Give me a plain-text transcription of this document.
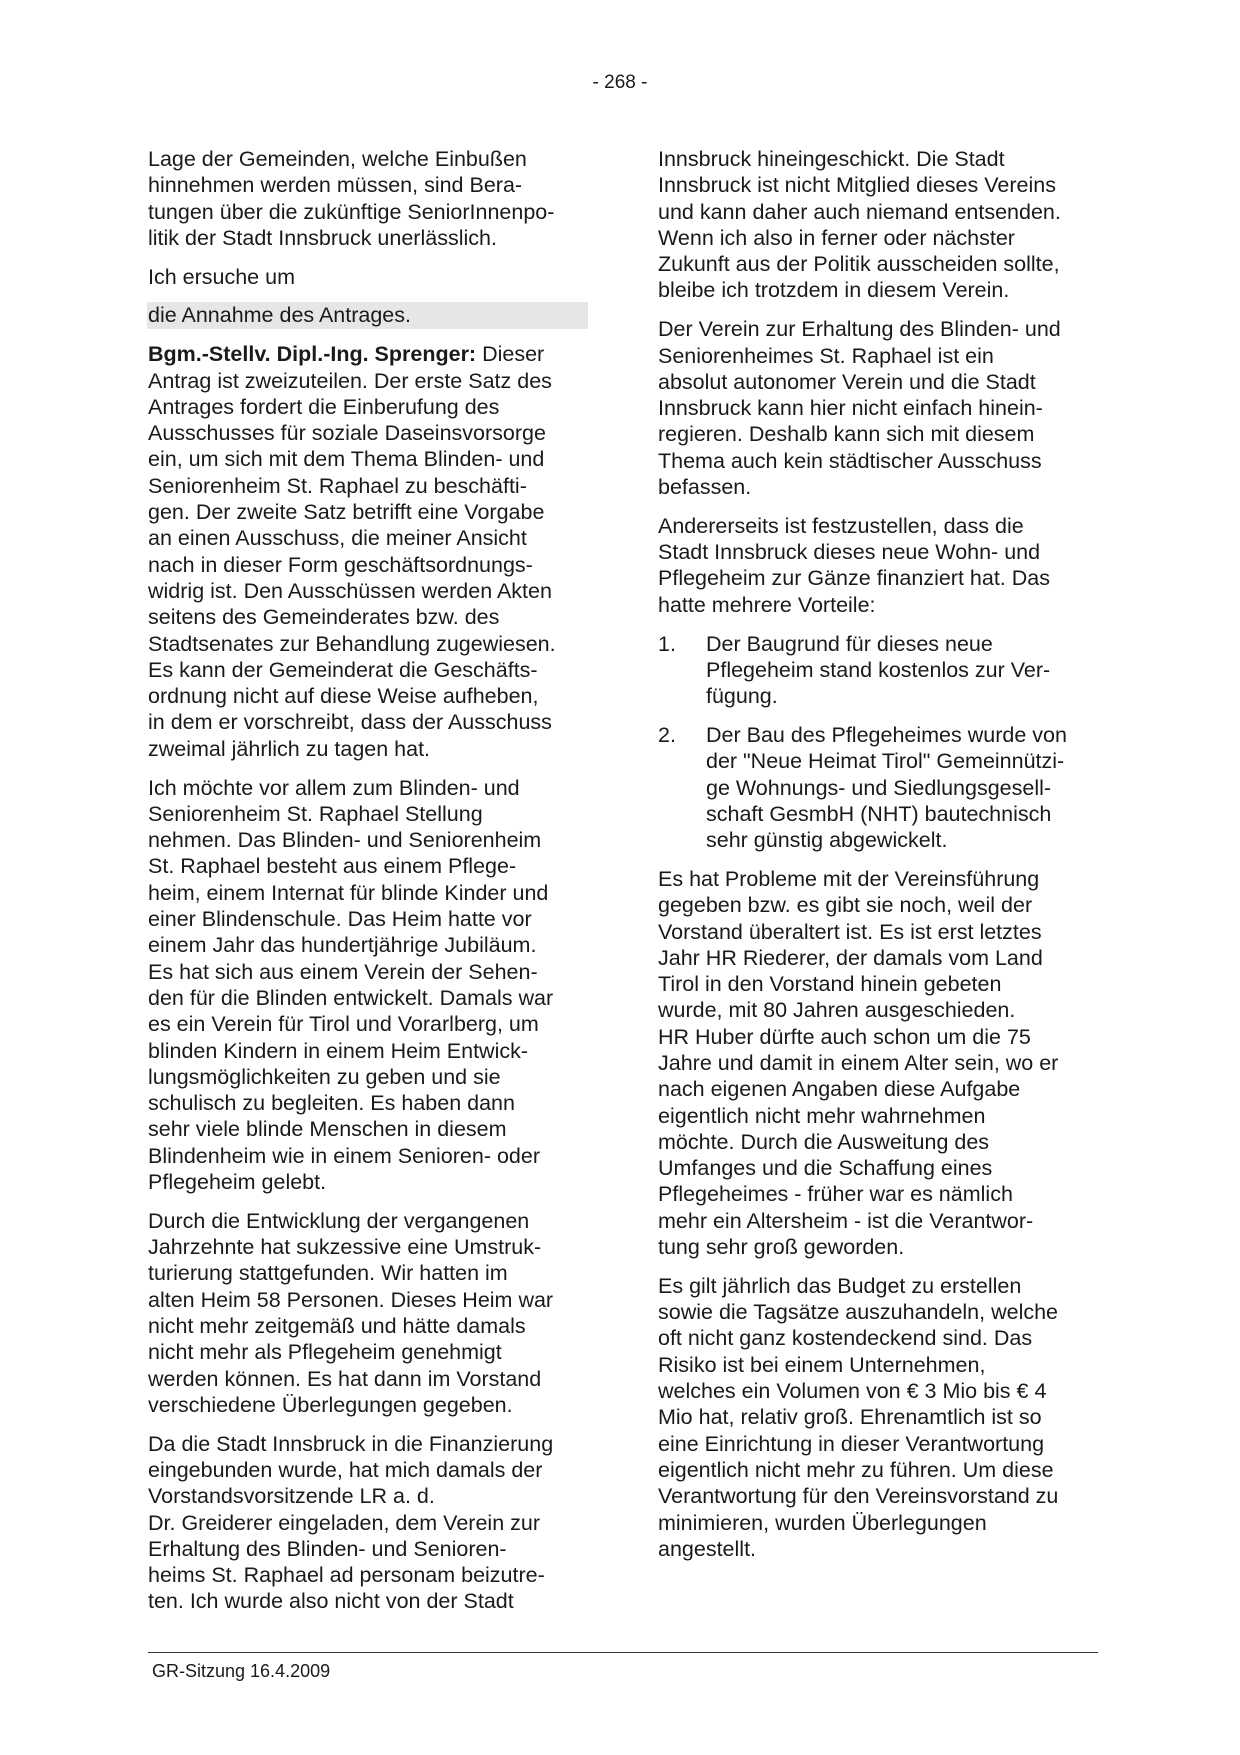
- 268 -

Lage der Gemeinden, welche Einbußen
hinnehmen werden müssen, sind Bera-
tungen über die zukünftige SeniorInnenpo-
litik der Stadt Innsbruck unerlässlich.

Ich ersuche um

die Annahme des Antrages.

Bgm.-Stellv. Dipl.-Ing. Sprenger: Dieser
Antrag ist zweizuteilen. Der erste Satz des
Antrages fordert die Einberufung des
Ausschusses für soziale Daseinsvorsorge
ein, um sich mit dem Thema Blinden- und
Seniorenheim St. Raphael zu beschäfti-
gen. Der zweite Satz betrifft eine Vorgabe
an einen Ausschuss, die meiner Ansicht
nach in dieser Form geschäftsordnungs-
widrig ist. Den Ausschüssen werden Akten
seitens des Gemeinderates bzw. des
Stadtsenates zur Behandlung zugewiesen.
Es kann der Gemeinderat die Geschäfts-
ordnung nicht auf diese Weise aufheben,
in dem er vorschreibt, dass der Ausschuss
zweimal jährlich zu tagen hat.

Ich möchte vor allem zum Blinden- und
Seniorenheim St. Raphael Stellung
nehmen. Das Blinden- und Seniorenheim
St. Raphael besteht aus einem Pflege-
heim, einem Internat für blinde Kinder und
einer Blindenschule. Das Heim hatte vor
einem Jahr das hundertjährige Jubiläum.
Es hat sich aus einem Verein der Sehen-
den für die Blinden entwickelt. Damals war
es ein Verein für Tirol und Vorarlberg, um
blinden Kindern in einem Heim Entwick-
lungsmöglichkeiten zu geben und sie
schulisch zu begleiten. Es haben dann
sehr viele blinde Menschen in diesem
Blindenheim wie in einem Senioren- oder
Pflegeheim gelebt.

Durch die Entwicklung der vergangenen
Jahrzehnte hat sukzessive eine Umstruk-
turierung stattgefunden. Wir hatten im
alten Heim 58 Personen. Dieses Heim war
nicht mehr zeitgemäß und hätte damals
nicht mehr als Pflegeheim genehmigt
werden können. Es hat dann im Vorstand
verschiedene Überlegungen gegeben.

Da die Stadt Innsbruck in die Finanzierung
eingebunden wurde, hat mich damals der
Vorstandsvorsitzende LR a. d.
Dr. Greiderer eingeladen, dem Verein zur
Erhaltung des Blinden- und Senioren-
heims St. Raphael ad personam beizutre-
ten. Ich wurde also nicht von der Stadt

Innsbruck hineingeschickt. Die Stadt
Innsbruck ist nicht Mitglied dieses Vereins
und kann daher auch niemand entsenden.
Wenn ich also in ferner oder nächster
Zukunft aus der Politik ausscheiden sollte,
bleibe ich trotzdem in diesem Verein.

Der Verein zur Erhaltung des Blinden- und
Seniorenheimes St. Raphael ist ein
absolut autonomer Verein und die Stadt
Innsbruck kann hier nicht einfach hinein-
regieren. Deshalb kann sich mit diesem
Thema auch kein städtischer Ausschuss
befassen.

Andererseits ist festzustellen, dass die
Stadt Innsbruck dieses neue Wohn- und
Pflegeheim zur Gänze finanziert hat. Das
hatte mehrere Vorteile:

1.	Der Baugrund für dieses neue
Pflegeheim stand kostenlos zur Ver-
fügung.
2.	Der Bau des Pflegeheimes wurde von
der "Neue Heimat Tirol" Gemeinnützi-
ge Wohnungs- und Siedlungsgesell-
schaft GesmbH (NHT) bautechnisch
sehr günstig abgewickelt.

Es hat Probleme mit der Vereinsführung
gegeben bzw. es gibt sie noch, weil der
Vorstand überaltert ist. Es ist erst letztes
Jahr HR Riederer, der damals vom Land
Tirol in den Vorstand hinein gebeten
wurde, mit 80 Jahren ausgeschieden.
HR Huber dürfte auch schon um die 75
Jahre und damit in einem Alter sein, wo er
nach eigenen Angaben diese Aufgabe
eigentlich nicht mehr wahrnehmen
möchte. Durch die Ausweitung des
Umfanges und die Schaffung eines
Pflegeheimes - früher war es nämlich
mehr ein Altersheim - ist die Verantwor-
tung sehr groß geworden.

Es gilt jährlich das Budget zu erstellen
sowie die Tagsätze auszuhandeln, welche
oft nicht ganz kostendeckend sind. Das
Risiko ist bei einem Unternehmen,
welches ein Volumen von € 3 Mio bis € 4
Mio hat, relativ groß. Ehrenamtlich ist so
eine Einrichtung in dieser Verantwortung
eigentlich nicht mehr zu führen. Um diese
Verantwortung für den Vereinsvorstand zu
minimieren, wurden Überlegungen
angestellt.

GR-Sitzung 16.4.2009
